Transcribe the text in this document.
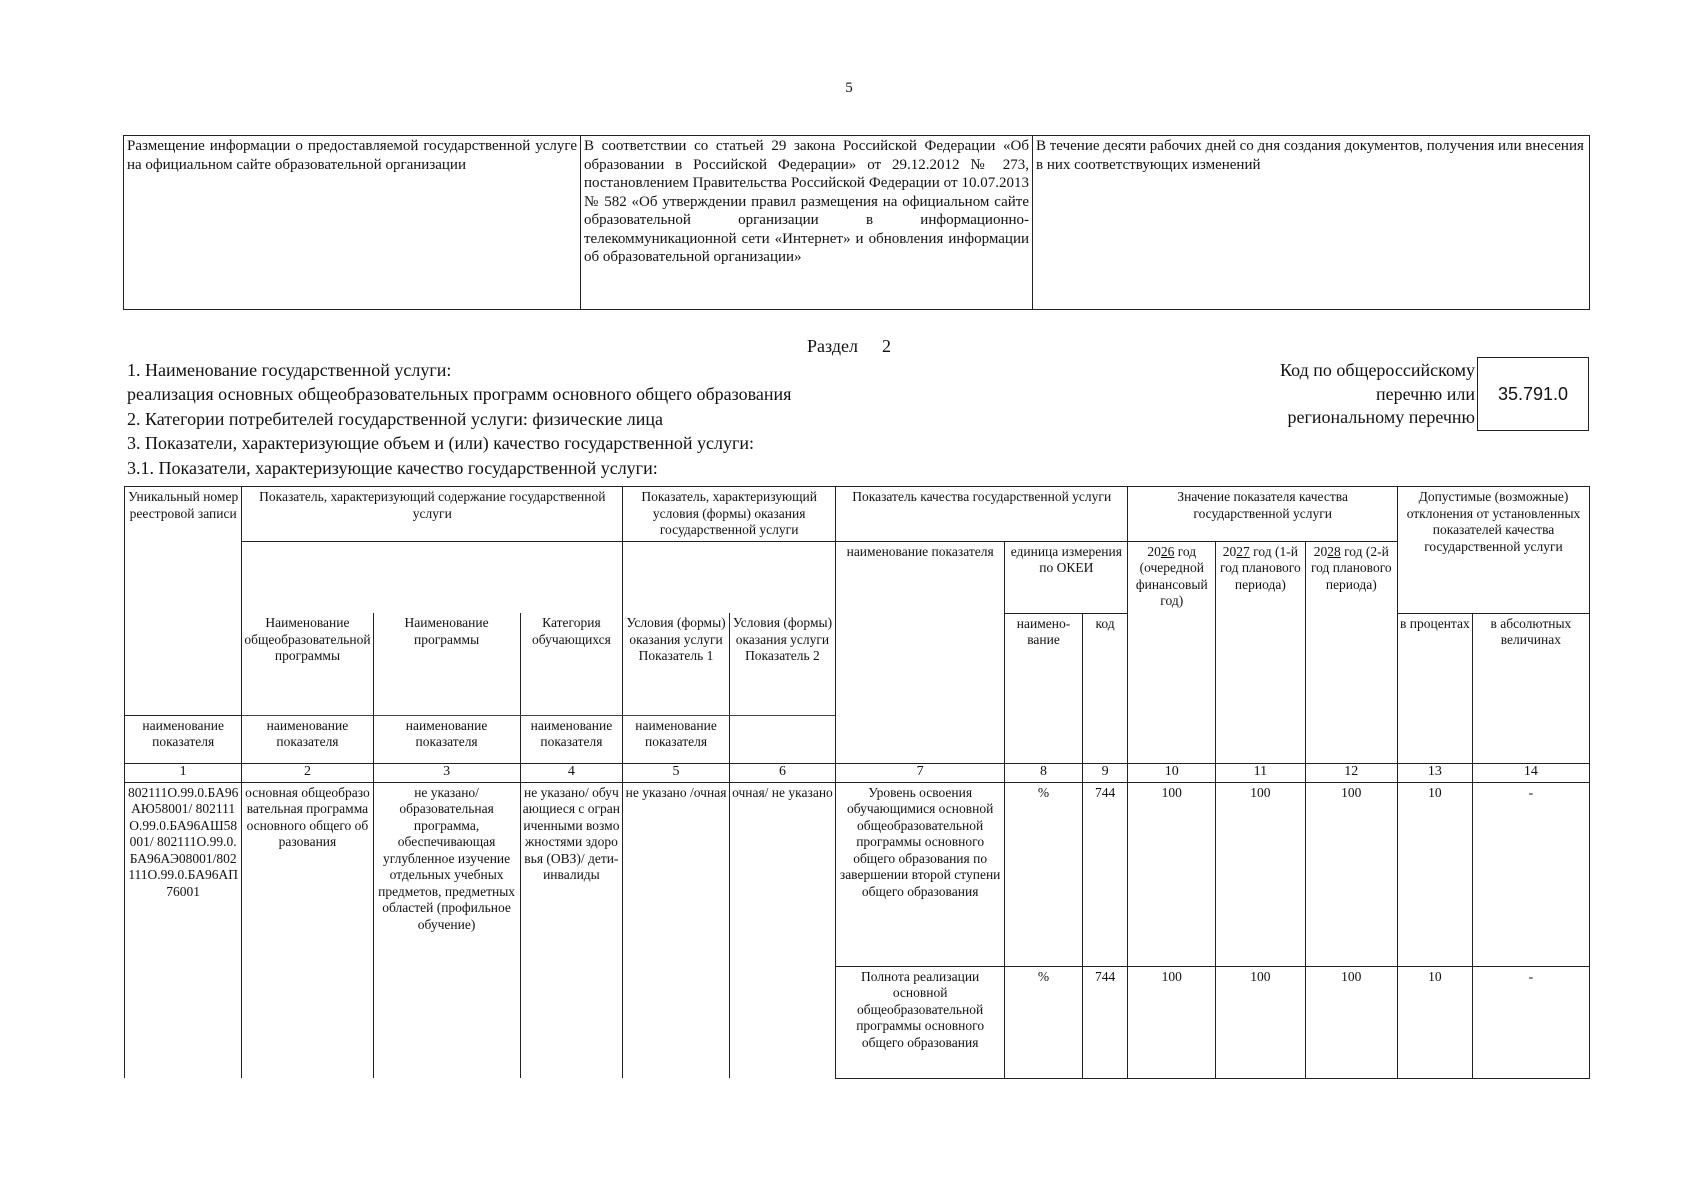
5
Размещение информации о предоставляемой государственной услуге на официальном сайте образовательной организации	В соответствии со статьей 29 закона Российской Федерации «Об образовании в Российской Федерации» от 29.12.2012 № 273, постановлением Правительства Российской Федерации от 10.07.2013 № 582 «Об утверждении правил размещения на официальном сайте образовательной организации в информационно-телекоммуникационной сети «Интернет» и обновления информации об образовательной организации»	В течение десяти рабочих дней со дня создания документов, получения или внесения в них соответствующих изменений
Раздел 2
1. Наименование государственной услуги:
реализация основных общеобразовательных программ основного общего образования
2. Категории потребителей государственной услуги: физические лица
3. Показатели, характеризующие объем и (или) качество государственной услуги:
3.1. Показатели, характеризующие качество государственной услуги:
Код по общероссийскому
перечню или
региональному перечню
35.791.0
Уникальный номер реестровой записи	Показатель, характеризующий содержание государственной услуги			Показатель, характеризующий условия (формы) оказания государственной услуги		Показатель качества государственной услуги			Значение показателя качества государственной услуги			Допустимые (возможные) отклонения от установленных показателей качества государственной услуги	
						наименование показателя	единица измерения по ОКЕИ		2026 год (очередной финансовый год)	2027 год (1-й год планового периода)	2028 год (2-й год планового периода)		
	Наименование общеобразовательной программы	Наименование программы	Категория обучающихся	Условия (формы) оказания услуги Показатель 1	Условия (формы) оказания услуги Показатель 2		наимено-вание	код				в процентах	в абсолютных величинах
наименование показателя	наименование показателя	наименование показателя	наименование показателя	наименование показателя									
1	2	3	4	5	6	7	8	9	10	11	12	13	14
802111О.99.0.БА96АЮ58001/ 802111О.99.0.БА96АШ58001/ 802111О.99.0.БА96АЭ08001/802111О.99.0.БА96АП76001	основная общеобразовательная программа основного общего образования	не указано/ образовательная программа, обеспечивающая углубленное изучение отдельных учебных предметов, предметных областей (профильное обучение)	не указано/ обучающиеся с ограниченными возможностями здоровья (ОВЗ)/ дети-инвалиды	не указано /очная	очная/ не указано	Уровень освоения обучающимися основной общеобразовательной программы основного общего образования по завершении второй ступени общего образования	%	744	100	100	100	10	-
						Полнота реализации основной общеобразовательной программы основного общего образования	%	744	100	100	100	10	-
